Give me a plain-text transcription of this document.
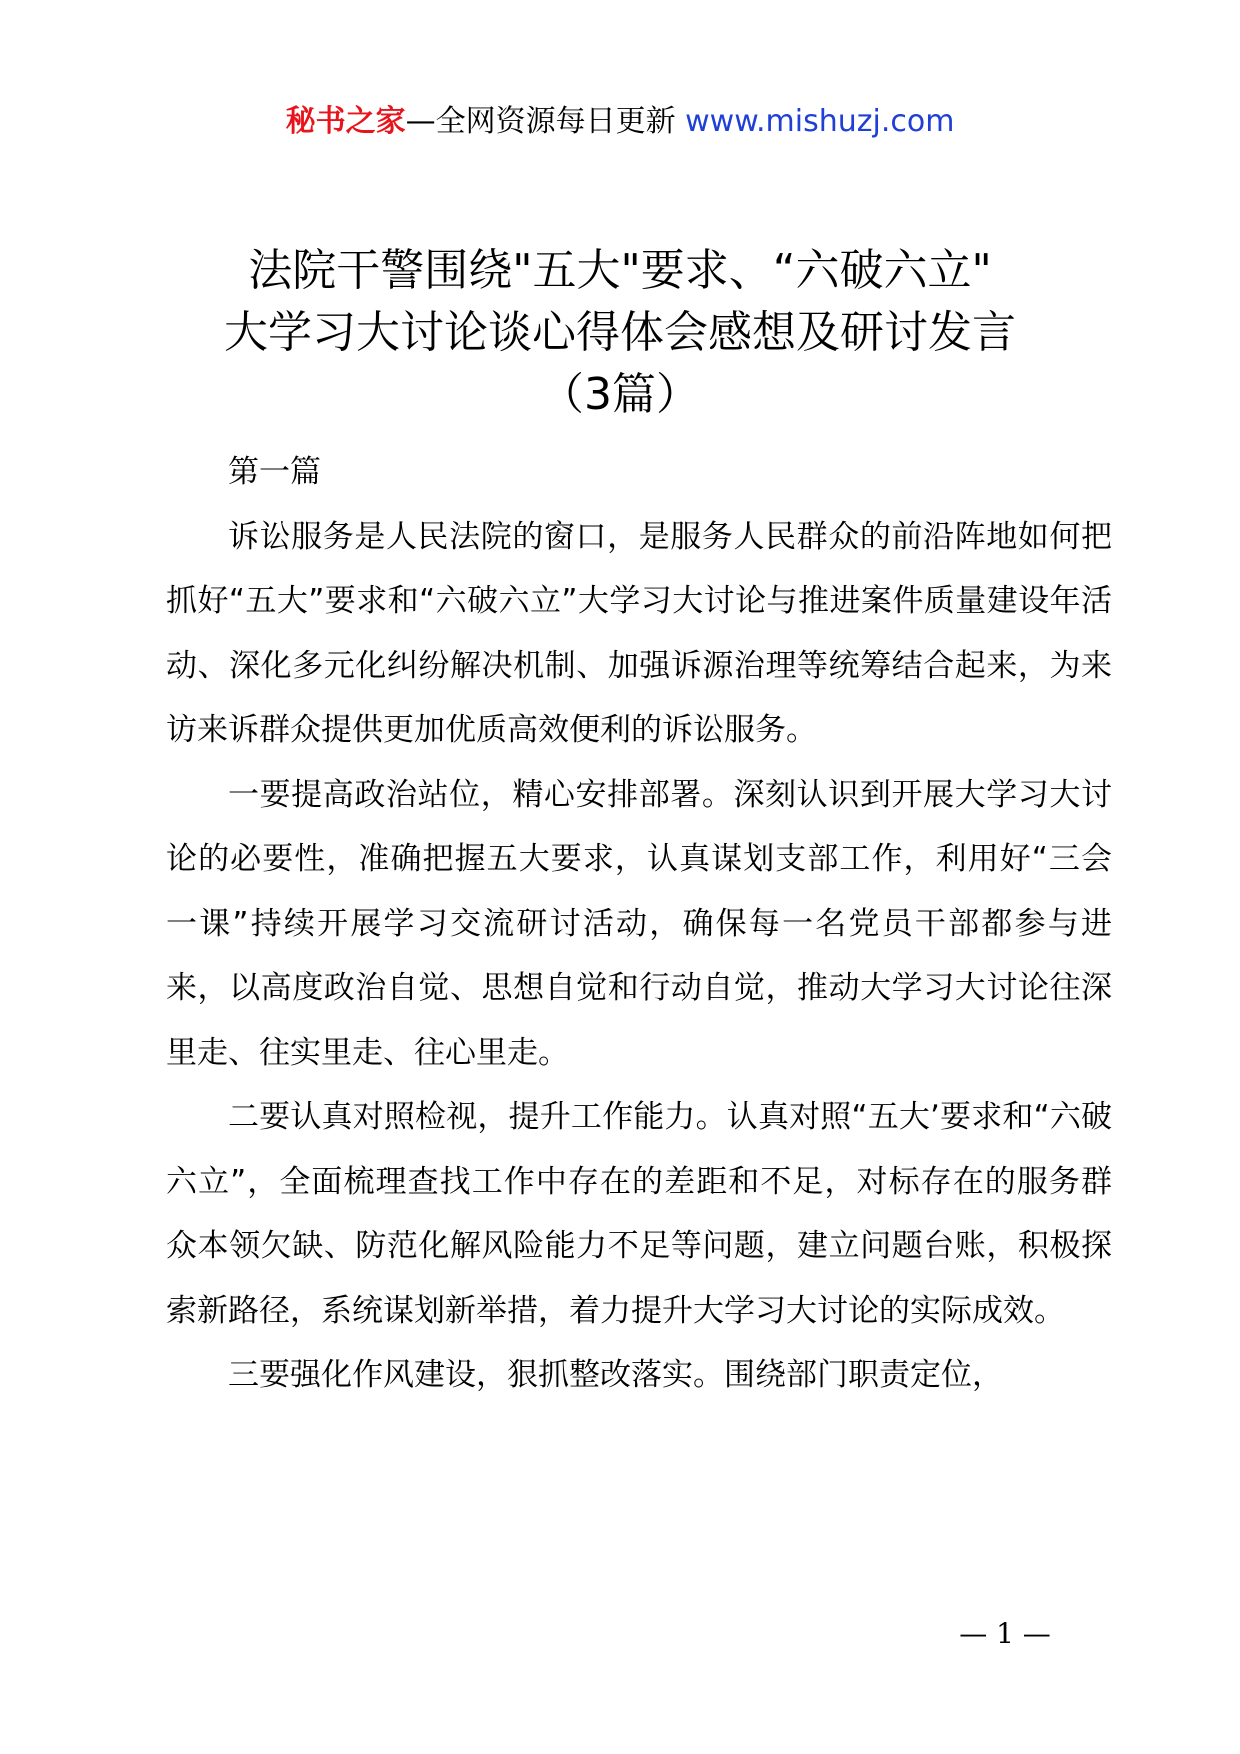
秘书之家—全网资源每日更新 www.mishuzj.com
法院干警围绕"五大"要求、“六破六立"
大学习大讨论谈心得体会感想及研讨发言
（3篇）

第一篇

诉讼服务是人民法院的窗口，是服务人民群众的前沿阵地如何把抓好“五大”要求和“六破六立”大学习大讨论与推进案件质量建设年活动、深化多元化纠纷解决机制、加强诉源治理等统筹结合起来，为来访来诉群众提供更加优质高效便利的诉讼服务。

一要提高政治站位，精心安排部署。深刻认识到开展大学习大讨论的必要性，准确把握五大要求，认真谋划支部工作，利用好“三会一课”持续开展学习交流研讨活动，确保每一名党员干部都参与进来，以高度政治自觉、思想自觉和行动自觉，推动大学习大讨论往深里走、往实里走、往心里走。

二要认真对照检视，提升工作能力。认真对照“五大’要求和“六破六立”，全面梳理查找工作中存在的差距和不足，对标存在的服务群众本领欠缺、防范化解风险能力不足等问题，建立问题台账，积极探索新路径，系统谋划新举措，着力提升大学习大讨论的实际成效。

三要强化作风建设，狠抓整改落实。围绕部门职责定位，

— 1 —
